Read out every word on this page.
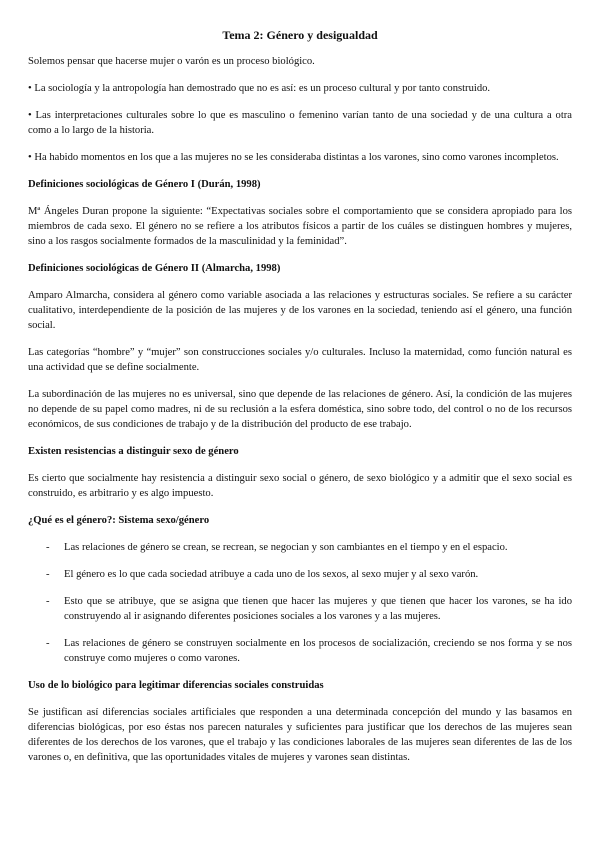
Tema 2: Género y desigualdad

Solemos pensar que hacerse mujer o varón es un proceso biológico.

• La sociología y la antropología han demostrado que no es así: es un proceso cultural y por tanto construido.

• Las interpretaciones culturales sobre lo que es masculino o femenino varían tanto de una sociedad y de una cultura a otra como a lo largo de la historia.

• Ha habido momentos en los que a las mujeres no se les consideraba distintas a los varones, sino como varones incompletos.

Definiciones sociológicas de Género I (Durán, 1998)

Mª Ángeles Duran propone la siguiente: “Expectativas sociales sobre el comportamiento que se considera apropiado para los miembros de cada sexo. El género no se refiere a los atributos físicos a partir de los cuáles se distinguen hombres y mujeres, sino a los rasgos socialmente formados de la masculinidad y la feminidad”.

Definiciones sociológicas de Género II (Almarcha, 1998)

Amparo Almarcha, considera al género como variable asociada a las relaciones y estructuras sociales. Se refiere a su carácter cualitativo, interdependiente de la posición de las mujeres y de los varones en la sociedad, teniendo así el género, una función social.

Las categorías “hombre” y “mujer” son construcciones sociales y/o culturales. Incluso la maternidad, como función natural es una actividad que se define socialmente.

La subordinación de las mujeres no es universal, sino que depende de las relaciones de género. Así, la condición de las mujeres no depende de su papel como madres, ni de su reclusión a la esfera doméstica, sino sobre todo, del control o no de los recursos económicos, de sus condiciones de trabajo y de la distribución del producto de ese trabajo.

Existen resistencias a distinguir sexo de género

Es cierto que socialmente hay resistencia a distinguir sexo social o género, de sexo biológico y a admitir que el sexo social es construido, es arbitrario y es algo impuesto.

¿Qué es el género?: Sistema sexo/género
- Las relaciones de género se crean, se recrean, se negocian y son cambiantes en el tiempo y en el espacio.
- El género es lo que cada sociedad atribuye a cada uno de los sexos, al sexo mujer y al sexo varón.
- Esto que se atribuye, que se asigna que tienen que hacer las mujeres y que tienen que hacer los varones, se ha ido construyendo al ir asignando diferentes posiciones sociales a los varones y a las mujeres.
- Las relaciones de género se construyen socialmente en los procesos de socialización, creciendo se nos forma y se nos construye como mujeres o como varones.
Uso de lo biológico para legitimar diferencias sociales construidas

Se justifican así diferencias sociales artificiales que responden a una determinada concepción del mundo y las basamos en diferencias biológicas, por eso éstas nos parecen naturales y suficientes para justificar que los derechos de las mujeres sean diferentes de los derechos de los varones, que el trabajo y las condiciones laborales de las mujeres sean diferentes de las de los varones o, en definitiva, que las oportunidades vitales de mujeres y varones sean distintas.
